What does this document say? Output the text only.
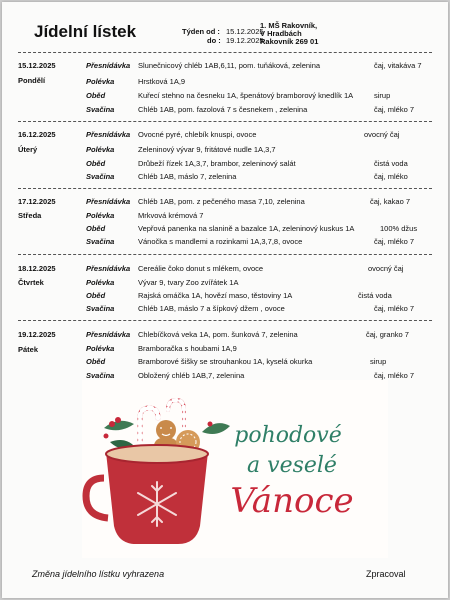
Jídelní lístek	Týden od : 15.12.2025
do : 19.12.2025
1. MŠ Rakovník,
V Hradbách
Rakovník 269 01
15.12.2025
Pondělí
Přesnídávka Slunečnicový chléb 1AB,6,11, pom. tuňáková, zelenina	čaj, vitakáva 7
Polévka	Hrstková 1A,9
Oběd	Kuřecí stehno na česneku 1A, špenátový bramborový knedlík 1A	sirup
Svačina	Chléb 1AB, pom. fazolová 7 s česnekem , zelenina	čaj, mléko 7
16.12.2025
Úterý
Přesnídávka Ovocné pyré, chlebík knuspi, ovoce	ovocný čaj
Polévka	Zeleninový vývar 9, fritátové nudle 1A,3,7
Oběd	Drůbeží řízek 1A,3,7, brambor, zeleninový salát	čistá voda
Svačina	Chléb 1AB, máslo 7, zelenina	čaj, mléko
17.12.2025
Středa
Přesnídávka Chléb 1AB, pom. z pečeného masa 7,10, zelenina	čaj, kakao 7
Polévka	Mrkvová krémová 7
Oběd	Vepřová panenka na slanině a bazalce 1A, zeleninový kuskus 1A	100% džus
Svačina	Vánočka s mandlemi a rozinkami 1A,3,7,8, ovoce	čaj, mléko 7
18.12.2025
Čtvrtek
Přesnídávka Cereálie čoko donut s mlékem, ovoce	ovocný čaj
Polévka	Vývar 9, tvary Zoo zvířátek 1A
Oběd	Rajská omáčka 1A, hovězí maso, těstoviny 1A	čistá voda
Svačina	Chléb 1AB, máslo 7 a šípkový džem , ovoce	čaj, mléko 7
19.12.2025
Pátek
Přesnídávka Chlebíčková veka 1A, pom. šunková 7, zelenina	čaj, granko 7
Polévka	Bramboračka s houbami 1A,9
Oběd	Bramborové šišky se strouhankou 1A, kyselá okurka	sirup
Svačina	Obložený chléb 1AB,7, zelenina	čaj, mléko 7
pohodové
a veselé
Vánoce
Změna jídelního lístku vyhrazena	Zpracoval
